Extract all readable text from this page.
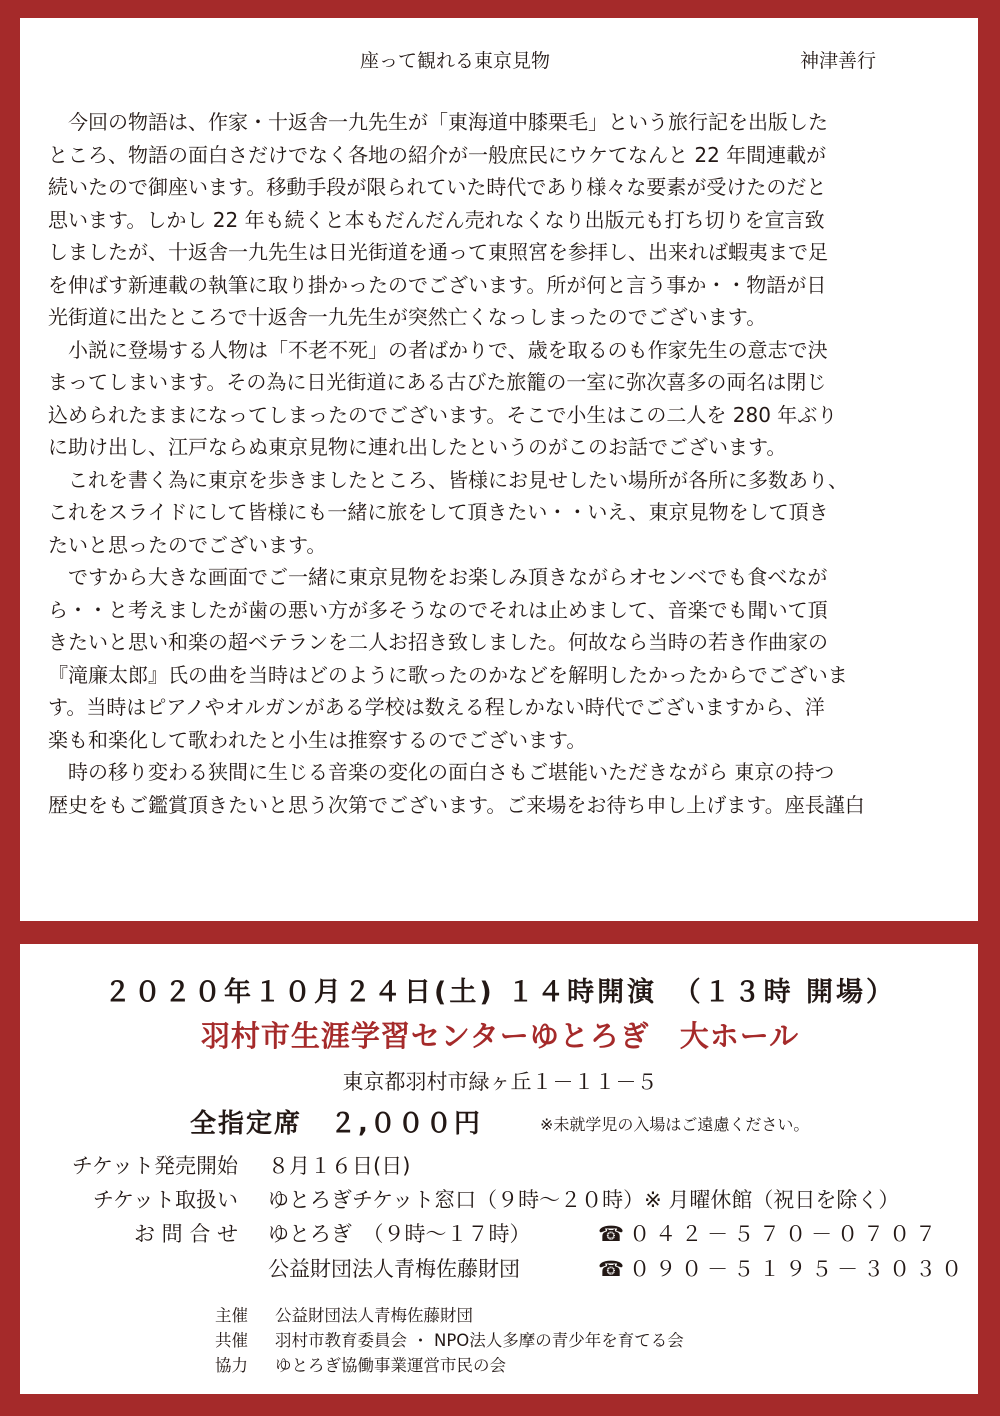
座って観れる東京見物	神津善行
　今回の物語は、作家・十返舎一九先生が「東海道中膝栗毛」という旅行記を出版した
ところ、物語の面白さだけでなく各地の紹介が一般庶民にウケてなんと 22 年間連載が
続いたので御座います。移動手段が限られていた時代であり様々な要素が受けたのだと
思います。しかし 22 年も続くと本もだんだん売れなくなり出版元も打ち切りを宣言致
しましたが、十返舎一九先生は日光街道を通って東照宮を参拝し、出来れば蝦夷まで足
を伸ばす新連載の執筆に取り掛かったのでございます。所が何と言う事か・・物語が日
光街道に出たところで十返舎一九先生が突然亡くなっしまったのでございます。
　小説に登場する人物は「不老不死」の者ばかりで、歳を取るのも作家先生の意志で決
まってしまいます。その為に日光街道にある古びた旅籠の一室に弥次喜多の両名は閉じ
込められたままになってしまったのでございます。そこで小生はこの二人を 280 年ぶり
に助け出し、江戸ならぬ東京見物に連れ出したというのがこのお話でございます。
　これを書く為に東京を歩きましたところ、皆様にお見せしたい場所が各所に多数あり、
これをスライドにして皆様にも一緒に旅をして頂きたい・・いえ、東京見物をして頂き
たいと思ったのでございます。
　ですから大きな画面でご一緒に東京見物をお楽しみ頂きながらオセンベでも食べなが
ら・・と考えましたが歯の悪い方が多そうなのでそれは止めまして、音楽でも聞いて頂
きたいと思い和楽の超ベテランを二人お招き致しました。何故なら当時の若き作曲家の
『滝廉太郎』氏の曲を当時はどのように歌ったのかなどを解明したかったからでございま
す。当時はピアノやオルガンがある学校は数える程しかない時代でございますから、洋
楽も和楽化して歌われたと小生は推察するのでございます。
　時の移り変わる狭間に生じる音楽の変化の面白さもご堪能いただきながら 東京の持つ
歴史をもご鑑賞頂きたいと思う次第でございます。ご来場をお待ち申し上げます。座長謹白
２０２０年１０月２４日(土) １４時開演　（１３時 開場）
羽村市生涯学習センターゆとろぎ　大ホール
東京都羽村市緑ヶ丘１－１１－５
全指定席　２,０００円	※未就学児の入場はご遠慮ください。
チケット発売開始 ８月１６日(日)
チケット取扱い ゆとろぎチケット窓口（９時～２０時）※ 月曜休館（祝日を除く）
お 問 合 せ ゆとろぎ　（９時～１７時）	☎０４２－５７０－０７０７
公益財団法人青梅佐藤財団	☎０９０－５１９５－３０３０
主催 公益財団法人青梅佐藤財団
共催 羽村市教育委員会 ・ NPO法人多摩の青少年を育てる会
協力 ゆとろぎ協働事業運営市民の会
